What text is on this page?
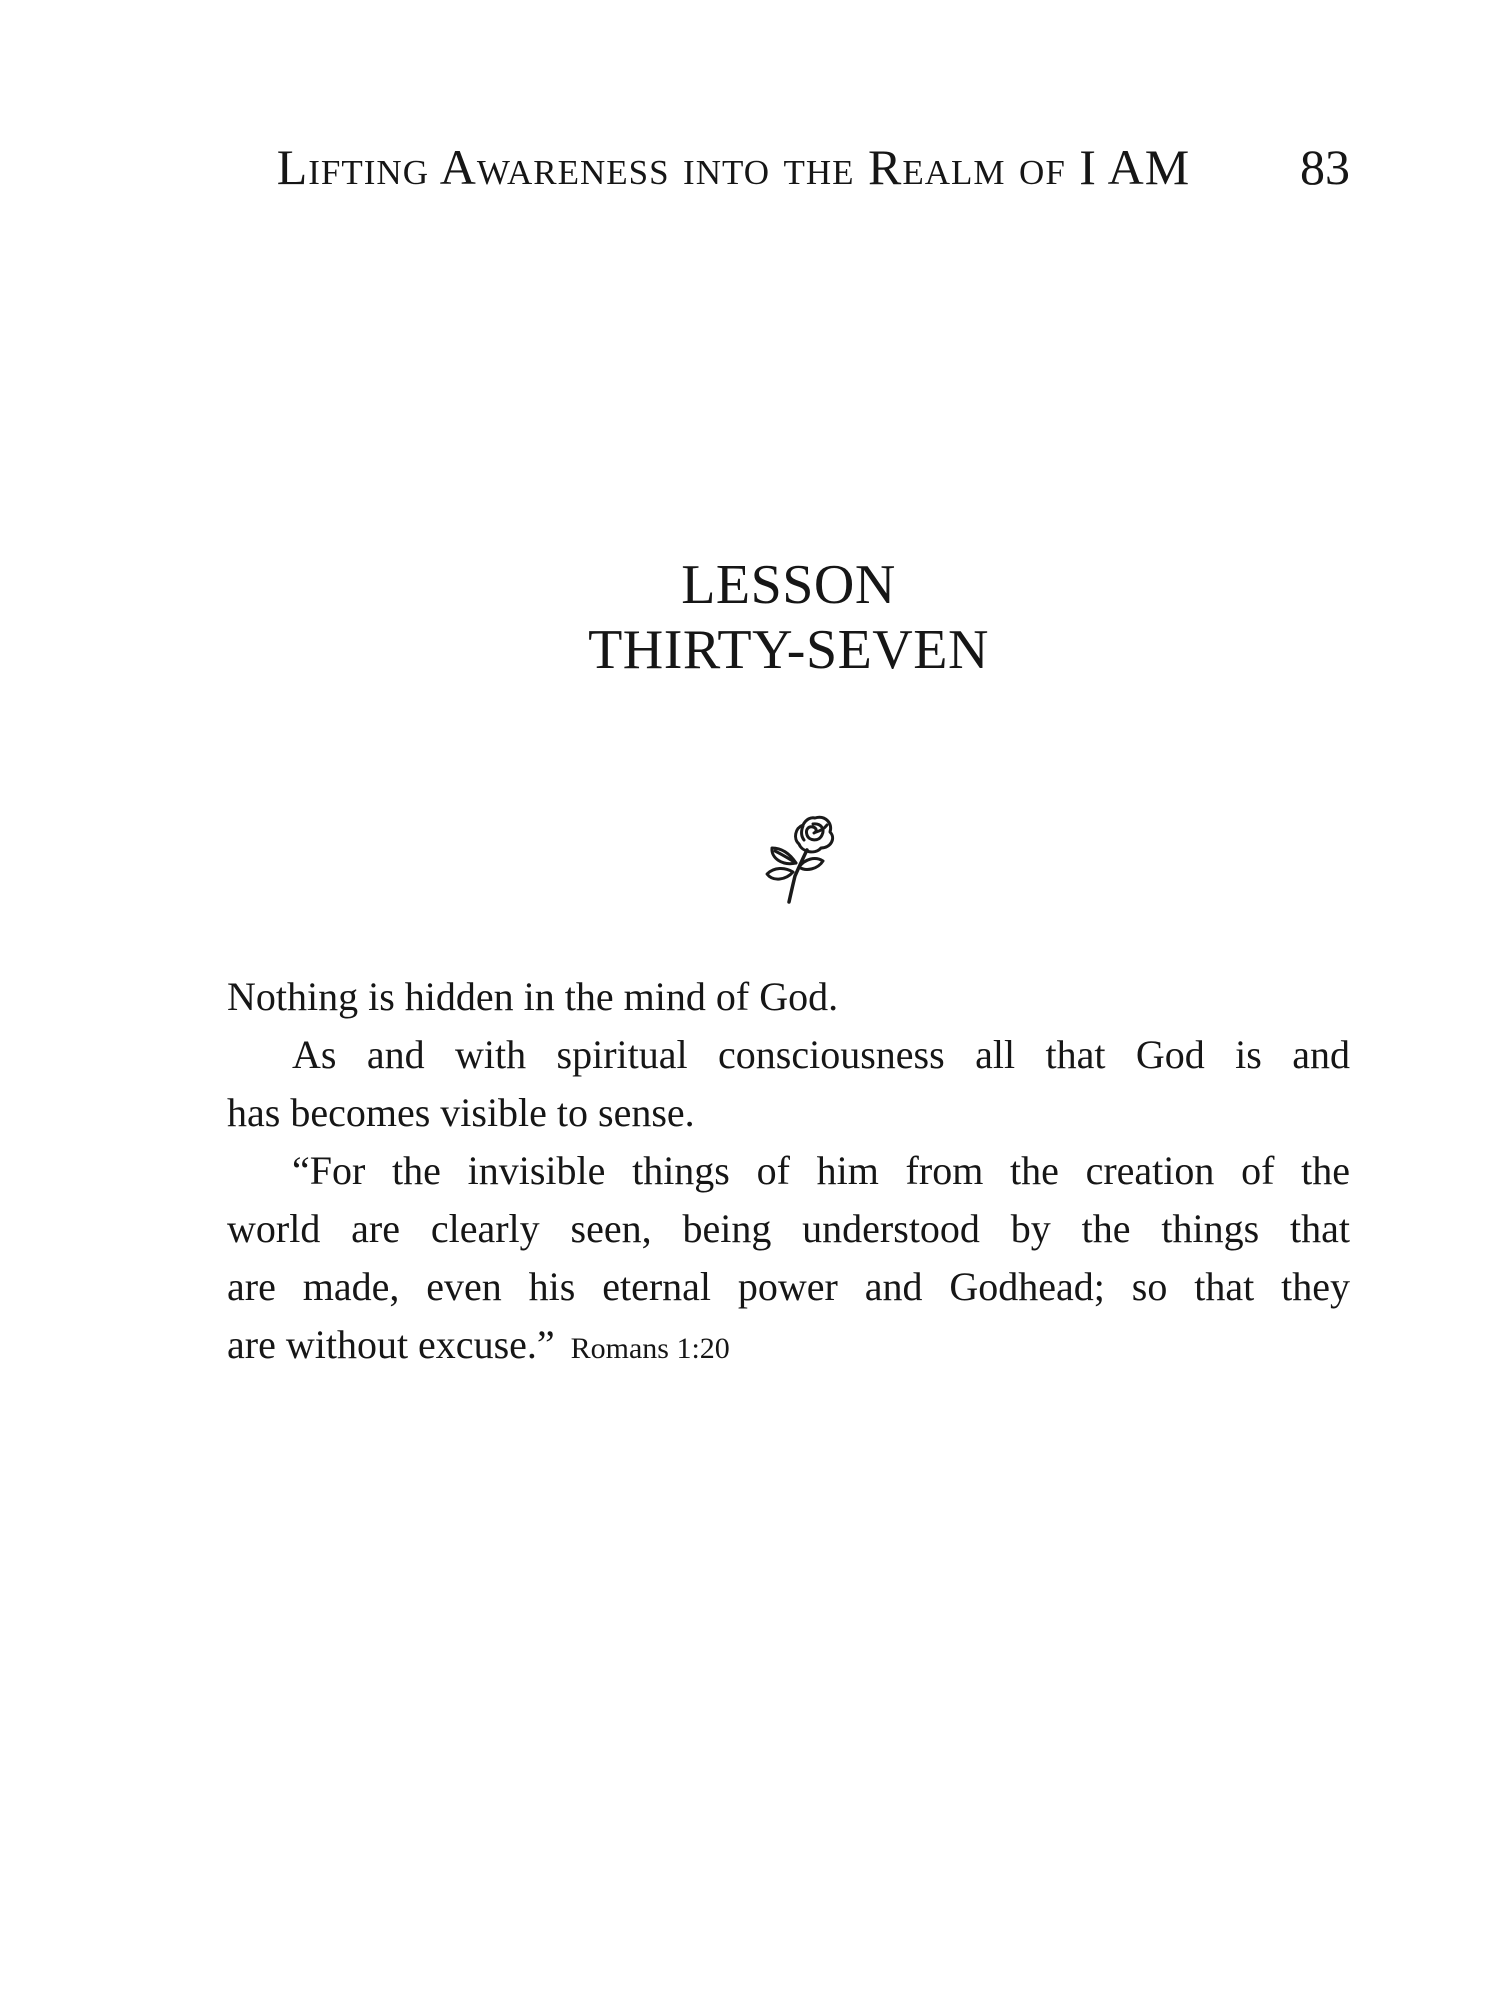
Lifting Awareness into the Realm of I AM	83
LESSON
THIRTY-SEVEN
Nothing is hidden in the mind of God.
As and with spiritual consciousness all that God is and
has becomes visible to sense.
“For the invisible things of him from the creation of the
world are clearly seen, being understood by the things that
are made, even his eternal power and Godhead; so that they
are without excuse.” Romans 1:20
